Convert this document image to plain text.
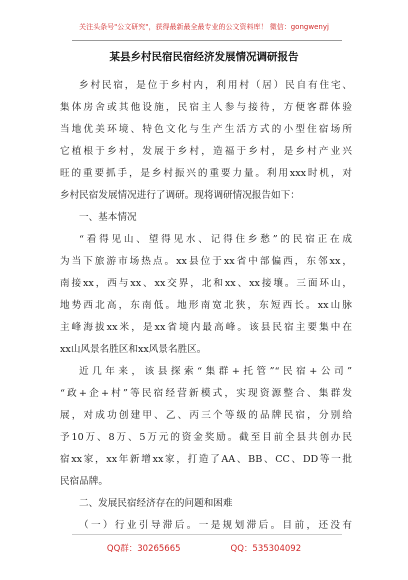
关注头条号"公文研究"，获得最新最全最专业的公文资料库！ 微信：gongwenyj
某县乡村民宿民宿经济发展情况调研报告
乡村民宿，是位于乡村内，利用村（居）民自有住宅、
集体房舍或其他设施，民宿主人参与接待，方便客群体验
当地优美环境、特色文化与生产生活方式的小型住宿场所
它植根于乡村，发展于乡村，造福于乡村，是乡村产业兴
旺的重要抓手，是乡村振兴的重要力量。利用xxx时机，对
乡村民宿发展情况进行了调研。现将调研情况报告如下：
一、基本情况
“看得见山、望得见水、记得住乡愁”的民宿正在成
为当下旅游市场热点。xx县位于xx省中部偏西，东邻xx，
南接xx，西与xx、xx交界，北和xx、xx接壤。三面环山，
地势西北高，东南低。地形南宽北狭，东短西长。xx山脉
主峰海拔xx米，是xx省境内最高峰。该县民宿主要集中在
xx山风景名胜区和xx风景名胜区。
近几年来，该县探索“集群+托管”“民宿+公司”
“政+企+村”等民宿经营新模式，实现资源整合、集群发
展，对成功创建甲、乙、丙三个等级的品牌民宿，分别给
予10万、8万、5万元的资金奖励。截至目前全县共创办民
宿xx家，xx年新增xx家，打造了AA、BB、CC、DD等一批
民宿品牌。
二、发展民宿经济存在的问题和困难
（一）行业引导滞后。一是规划滞后。目前，还没有
QQ群：30265665	QQ：535304092
